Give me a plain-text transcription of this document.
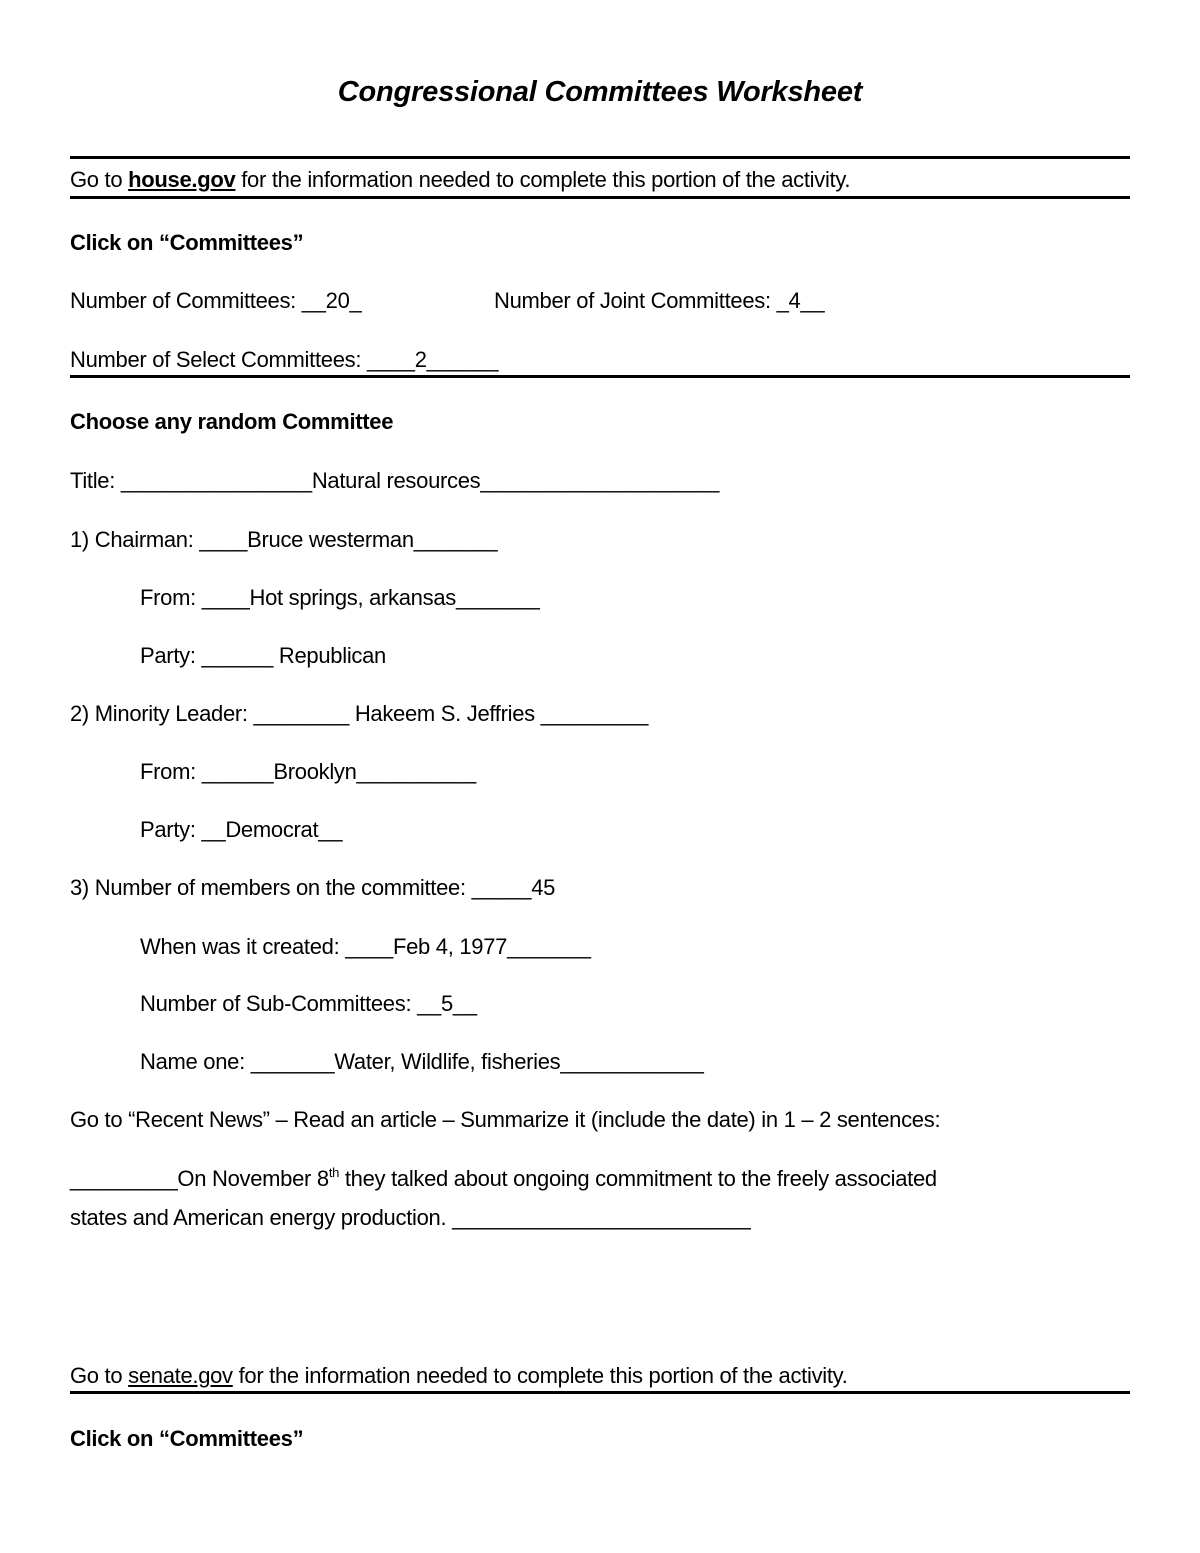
Congressional Committees Worksheet
Go to house.gov for the information needed to complete this portion of the activity.
Click on “Committees”
Number of Committees: __20_	Number of Joint Committees: _4__
Number of Select Committees: ____2______
Choose any random Committee
Title: ________________Natural resources____________________
1) Chairman: ____Bruce westerman_______
From: ____Hot springs, arkansas_______
Party: ______ Republican
2) Minority Leader: ________ Hakeem S. Jeffries _________
From: ______Brooklyn__________
Party: __Democrat__
3) Number of members on the committee: _____45
When was it created: ____Feb 4, 1977_______
Number of Sub-Committees: __5__
Name one: _______Water, Wildlife, fisheries____________
Go to “Recent News” – Read an article – Summarize it (include the date) in 1 – 2 sentences:
_________On November 8th they talked about ongoing commitment to the freely associated
states and American energy production. _________________________
Go to senate.gov for the information needed to complete this portion of the activity.
Click on “Committees”
